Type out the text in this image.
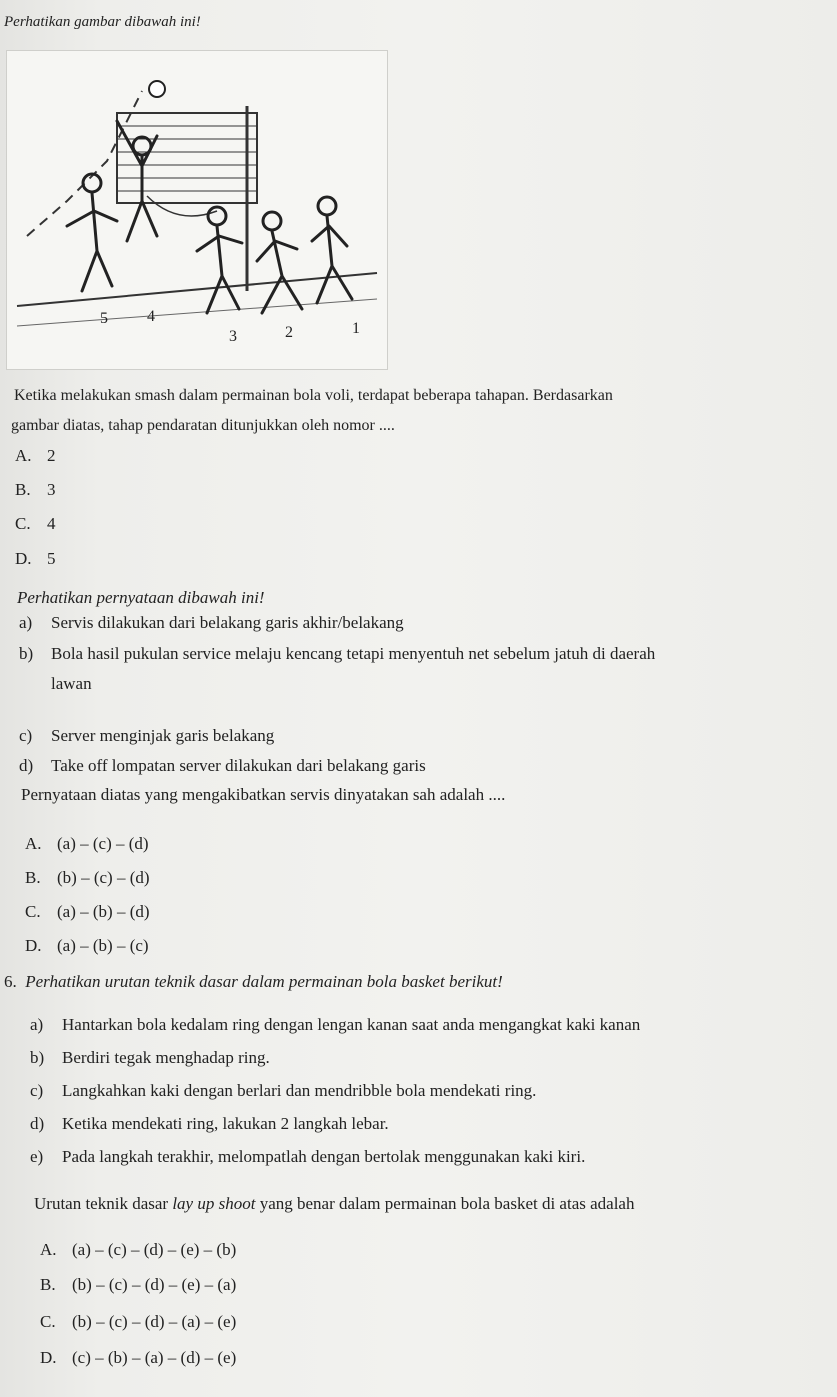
Perhatikan gambar dibawah ini!
5 4
3	2	1
Ketika melakukan smash dalam permainan bola voli, terdapat beberapa tahapan. Berdasarkan
gambar diatas, tahap pendaratan ditunjukkan oleh nomor ....
A. 2
B. 3
C. 4
D. 5
Perhatikan pernyataan dibawah ini!
a) Servis dilakukan dari belakang garis akhir/belakang
b) Bola hasil pukulan service melaju kencang tetapi menyentuh net sebelum jatuh di daerah
lawan
c) Server menginjak garis belakang
d) Take off lompatan server dilakukan dari belakang garis
Pernyataan diatas yang mengakibatkan servis dinyatakan sah adalah ....
A. (a) – (c) – (d)
B. (b) – (c) – (d)
C. (a) – (b) – (d)
D. (a) – (b) – (c)
6. Perhatikan urutan teknik dasar dalam permainan bola basket berikut!
a) Hantarkan bola kedalam ring dengan lengan kanan saat anda mengangkat kaki kanan
b) Berdiri tegak menghadap ring.
c) Langkahkan kaki dengan berlari dan mendribble bola mendekati ring.
d) Ketika mendekati ring, lakukan 2 langkah lebar.
e) Pada langkah terakhir, melompatlah dengan bertolak menggunakan kaki kiri.
Urutan teknik dasar lay up shoot yang benar dalam permainan bola basket di atas adalah
A. (a) – (c) – (d) – (e) – (b)
B. (b) – (c) – (d) – (e) – (a)
C. (b) – (c) – (d) – (a) – (e)
D. (c) – (b) – (a) – (d) – (e)
